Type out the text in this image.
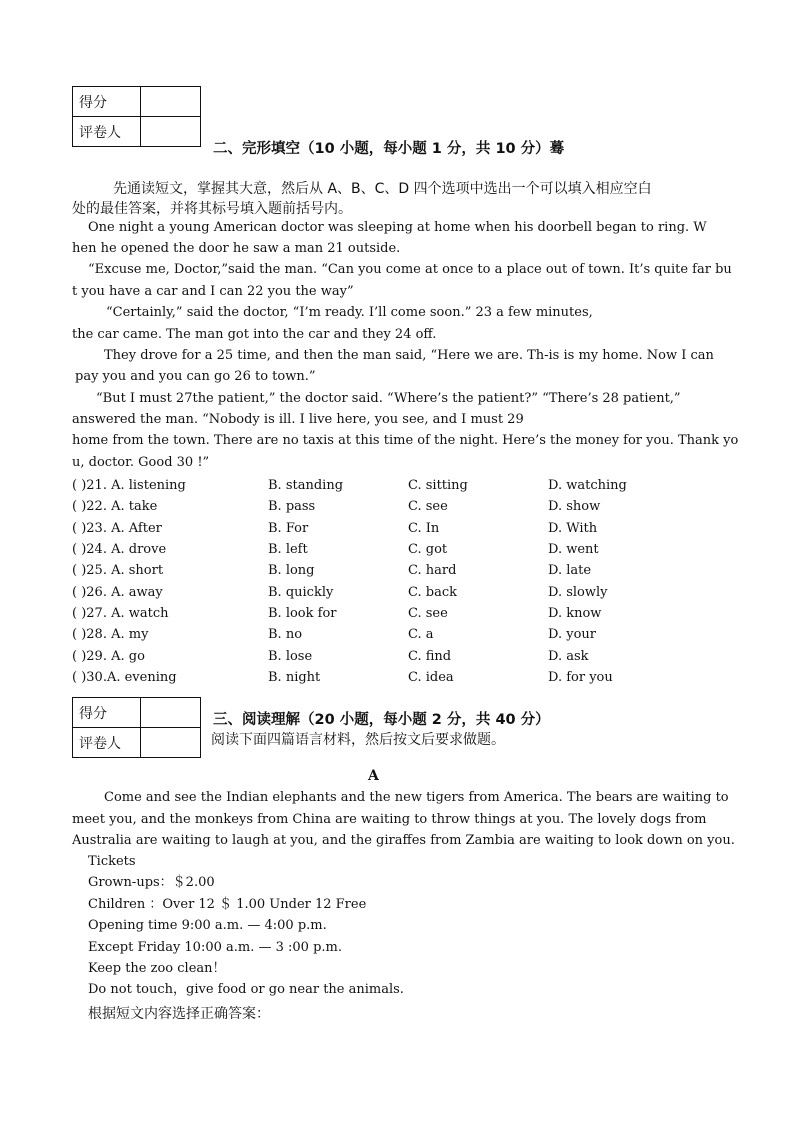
得分	
评卷人	
二、完形填空（10 小题，每小题 1 分，共 10 分）蓦
先通读短文，掌握其大意，然后从 A、B、C、D 四个选项中选出一个可以填入相应空白
处的最佳答案，并将其标号填入题前括号内。
One night a young American doctor was sleeping at home when his doorbell began to ring. W
hen he opened the door he saw a man 21 outside.
“Excuse me, Doctor,”said the man. “Can you come at once to a place out of town. It’s quite far bu
t you have a car and I can 22 you the way”
“Certainly,” said the doctor, “I’m ready. I’ll come soon.” 23 a few minutes,
the car came. The man got into the car and they 24 off.
They drove for a 25 time, and then the man said, “Here we are. Th-is is my home. Now I can
pay you and you can go 26 to town.”
“But I must 27the patient,” the doctor said. “Where’s the patient?” “There’s 28 patient,”
answered the man. “Nobody is ill. I live here, you see, and I must 29
home from the town. There are no taxis at this time of the night. Here’s the money for you. Thank yo
u, doctor. Good 30 !”
( )21. A. listening	B. standing	C. sitting	D. watching
( )22. A. take	B. pass	C. see	D. show
( )23. A. After	B. For	C. In	D. With
( )24. A. drove	B. left	C. got	D. went
( )25. A. short	B. long	C. hard	D. late
( )26. A. away	B. quickly	C. back	D. slowly
( )27. A. watch	B. look for	C. see	D. know
( )28. A. my	B. no	C. a	D. your
( )29. A. go	B. lose	C. find	D. ask
( )30.A. evening	B. night	C. idea	D. for you
得分	
评卷人	
三、阅读理解（20 小题，每小题 2 分，共 40 分）
阅读下面四篇语言材料，然后按文后要求做题。
A
Come and see the Indian elephants and the new tigers from America. The bears are waiting to
meet you, and the monkeys from China are waiting to throw things at you. The lovely dogs from
Australia are waiting to laugh at you, and the giraffes from Zambia are waiting to look down on you.
Tickets
Grown-ups：＄2.00
Children ：Over 12 ＄ 1.00 Under 12 Free
Opening time 9:00 a.m. — 4:00 p.m.
Except Friday 10:00 a.m. — 3 :00 p.m.
Keep the zoo clean！
Do not touch，give food or go near the animals.
根据短文内容选择正确答案：
